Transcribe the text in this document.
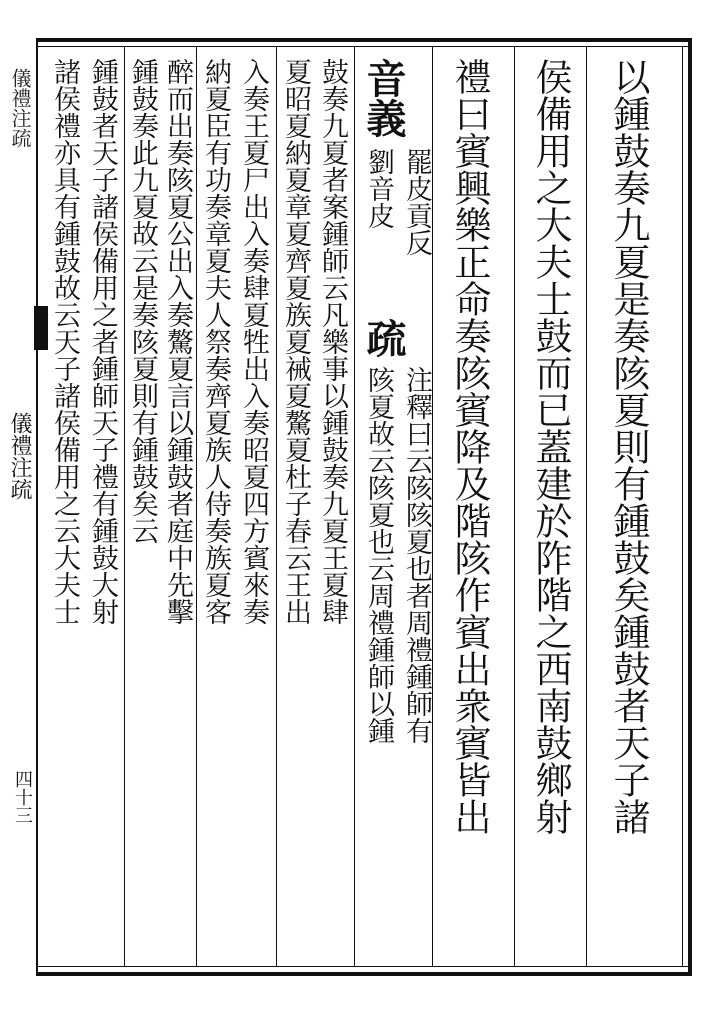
儀禮注疏
儀禮注疏
四十三	以鍾鼓奏九夏是奏陔夏則有鍾鼓矣鍾鼓者天子諸
侯備用之大夫士鼓而已蓋建於阼階之西南鼓鄉射
禮曰賓興樂正命奏陔賓降及階陔作賓出衆賓皆出
音義
罷皮貢反
劉音皮
疏
注釋曰云陔陔夏也者周禮鍾師有
陔夏故云陔夏也云周禮鍾師以鍾
鼓奏九夏者案鍾師云凡樂事以鍾鼓奏九夏王夏肆
夏昭夏納夏章夏齊夏族夏祴夏驁夏杜子春云王出
入奏王夏尸出入奏肆夏牲出入奏昭夏四方賓來奏
納夏臣有功奏章夏夫人祭奏齊夏族人侍奏族夏客
醉而出奏陔夏公出入奏驁夏言以鍾鼓者庭中先擊
鍾鼓奏此九夏故云是奏陔夏則有鍾鼓矣云
鍾鼓者天子諸侯備用之者鍾師天子禮有鍾鼓大射
諸侯禮亦具有鍾鼓故云天子諸侯備用之云大夫士
